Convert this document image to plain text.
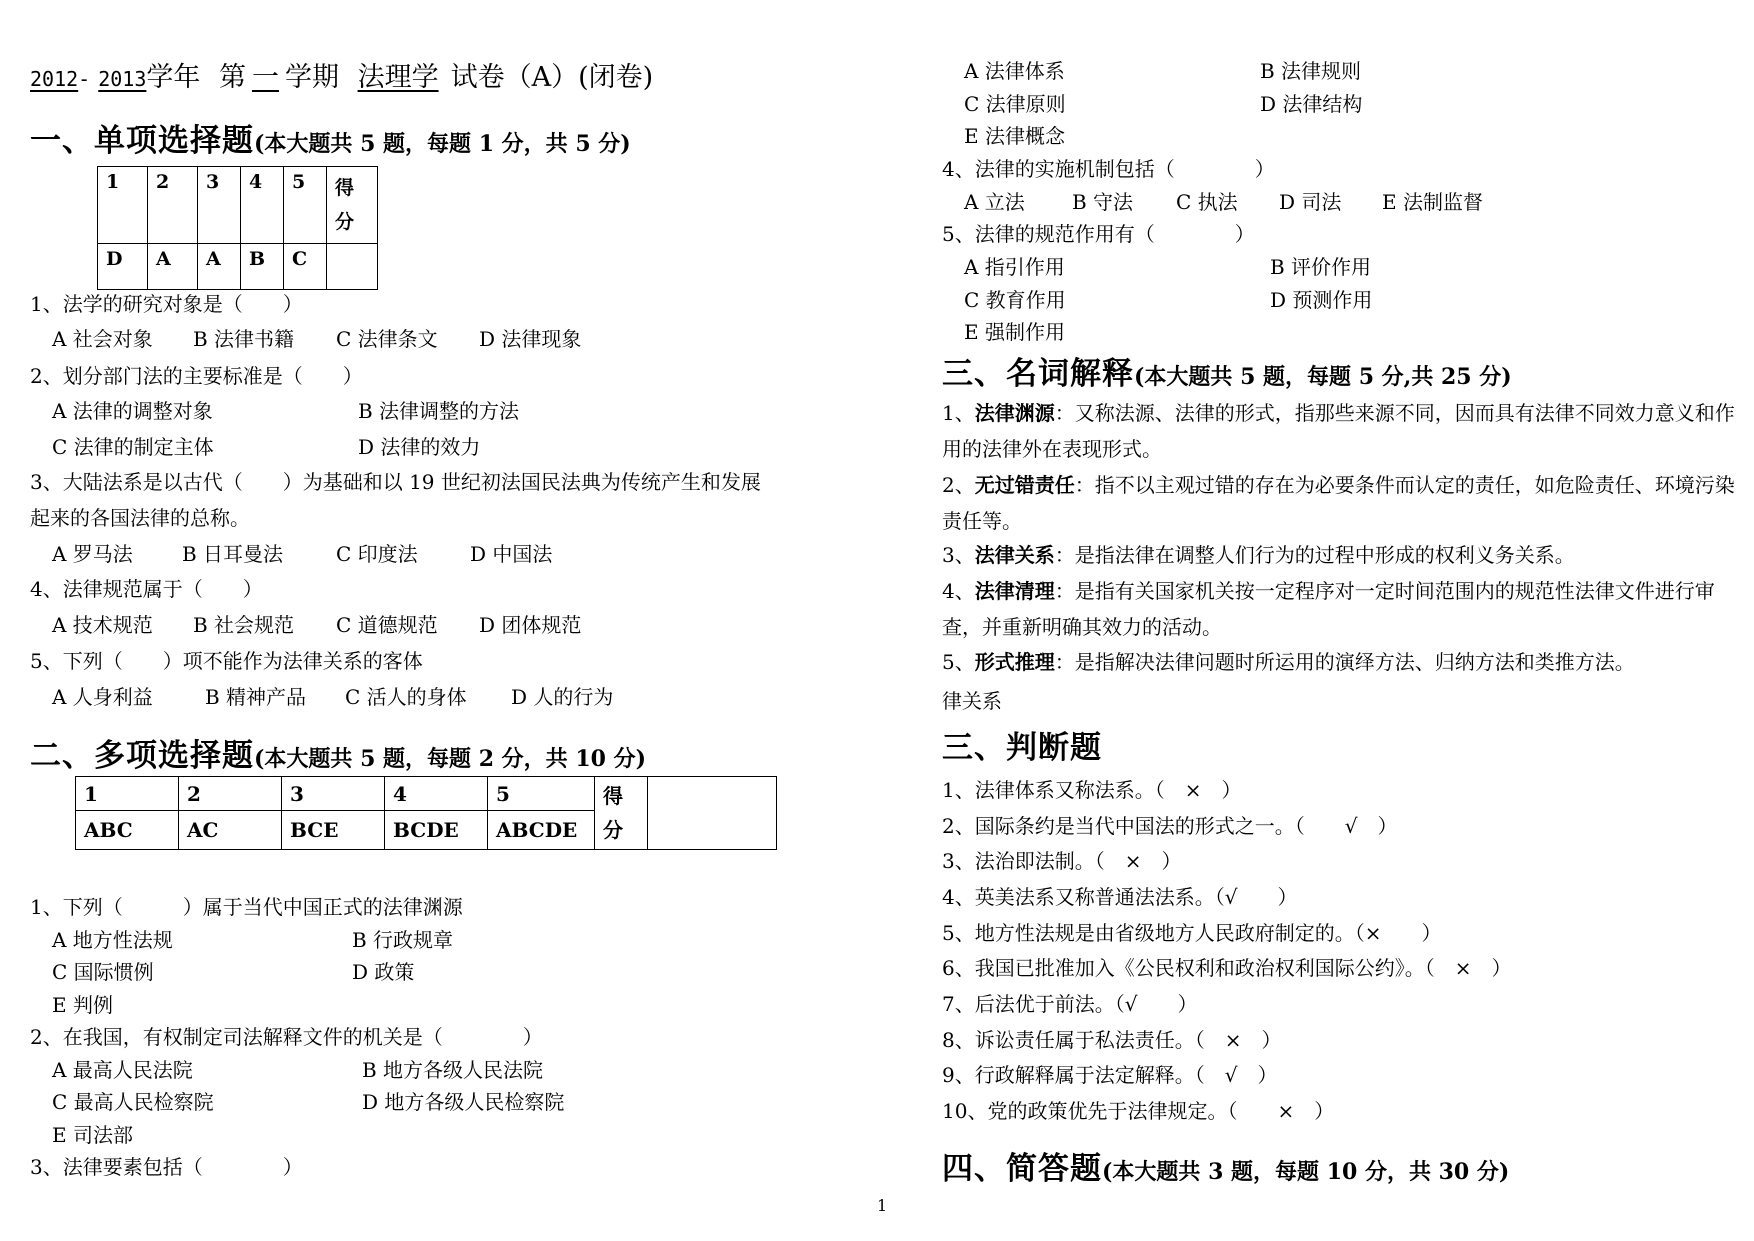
2012- 2013学年 第 一 学期 法理学 试卷（A）(闭卷)
一、单项选择题(本大题共 5 题，每题 1 分，共 5 分)
1	2	3	4	5	得
分
D	A	A	B	C	
1、法学的研究对象是（　　）
A 社会对象 B 法律书籍 C 法律条文 D 法律现象
2、划分部门法的主要标准是（　　）
A 法律的调整对象	B 法律调整的方法
C 法律的制定主体	D 法律的效力
3、大陆法系是以古代（　　）为基础和以 19 世纪初法国民法典为传统产生和发展
起来的各国法律的总称。
A 罗马法 B 日耳曼法	C 印度法	D 中国法
4、法律规范属于（　　）
A 技术规范 B 社会规范 C 道德规范 D 团体规范
5、下列（　　）项不能作为法律关系的客体
A 人身利益	B 精神产品 C 活人的身体 D 人的行为
二、多项选择题(本大题共 5 题，每题 2 分，共 10 分)
1	2	3	4	5	得
分	
ABC	AC	BCE	BCDE	ABCDE		
1、下列（　　　）属于当代中国正式的法律渊源
A 地方性法规	B 行政规章
C 国际惯例	D 政策
E 判例
2、在我国，有权制定司法解释文件的机关是（　　　　）
A 最高人民法院	B 地方各级人民法院
C 最高人民检察院	D 地方各级人民检察院
E 司法部
3、法律要素包括（　　　　）
A 法律体系	B 法律规则
C 法律原则	D 法律结构
E 法律概念
4、法律的实施机制包括（　　　　）
A 立法 B 守法 C 执法 D 司法 E 法制监督
5、法律的规范作用有（　　　　）
A 指引作用	B 评价作用
C 教育作用	D 预测作用
E 强制作用
三、名词解释(本大题共 5 题，每题 5 分,共 25 分)
1、法律渊源：又称法源、法律的形式，指那些来源不同，因而具有法律不同效力意义和作用的法律外在表现形式。
2、无过错责任：指不以主观过错的存在为必要条件而认定的责任，如危险责任、环境污染责任等。
3、法律关系：是指法律在调整人们行为的过程中形成的权利义务关系。
4、法律清理：是指有关国家机关按一定程序对一定时间范围内的规范性法律文件进行审查，并重新明确其效力的活动。
5、形式推理：是指解决法律问题时所运用的演绎方法、归纳方法和类推方法。
律关系
三、判断题
1、法律体系又称法系。（　×　）
2、国际条约是当代中国法的形式之一。（　　√　）
3、法治即法制。（　×　）
4、英美法系又称普通法法系。（√　　）
5、地方性法规是由省级地方人民政府制定的。（×　　）
6、我国已批准加入《公民权利和政治权利国际公约》。（　×　）
7、后法优于前法。（√　　）
8、诉讼责任属于私法责任。（　×　）
9、行政解释属于法定解释。（　√　）
10、党的政策优先于法律规定。（　　×　）
四、简答题(本大题共 3 题，每题 10 分，共 30 分)
1
